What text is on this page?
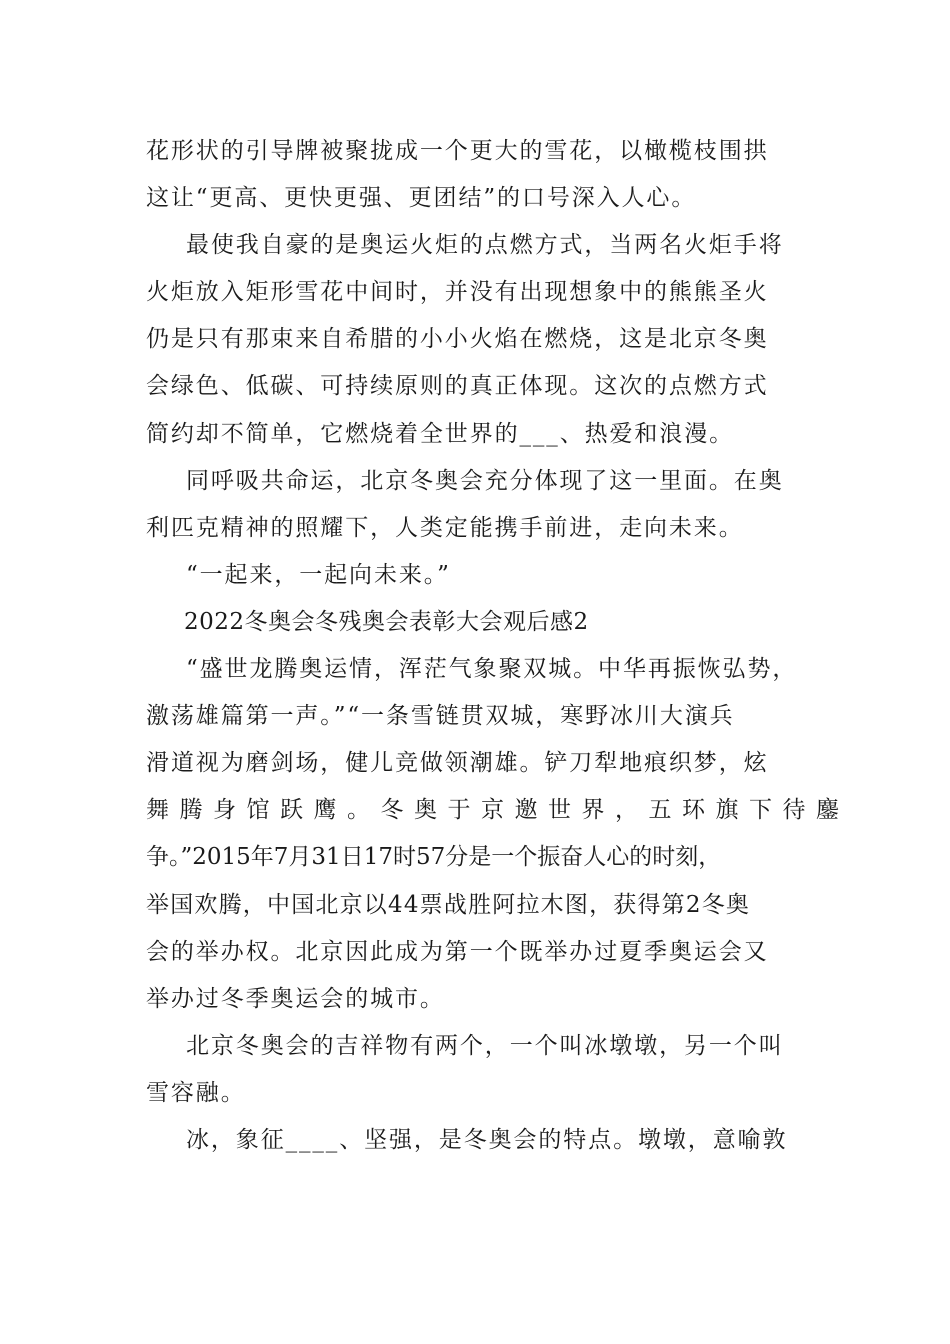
花形状的引导牌被聚拢成一个更大的雪花，以橄榄枝围拱
这让“更高、更快更强、更团结”的口号深入人心。
最使我自豪的是奥运火炬的点燃方式，当两名火炬手将
火炬放入矩形雪花中间时，并没有出现想象中的熊熊圣火
仍是只有那束来自希腊的小小火焰在燃烧，这是北京冬奥
会绿色、低碳、可持续原则的真正体现。这次的点燃方式
简约却不简单，它燃烧着全世界的___、热爱和浪漫。
同呼吸共命运，北京冬奥会充分体现了这一里面。在奥
利匹克精神的照耀下，人类定能携手前进，走向未来。
“一起来，一起向未来。”
2022冬奥会冬残奥会表彰大会观后感2
“盛世龙腾奥运情，浑茫气象聚双城。中华再振恢弘势，
激荡雄篇第一声。”“一条雪链贯双城，寒野冰川大演兵
滑道视为磨剑场，健儿竞做领潮雄。铲刀犁地痕织梦，炫
舞腾身馆跃鹰。冬奥于京邀世界，五环旗下待鏖
争。”2015年7月31日17时57分是一个振奋人心的时刻，
举国欢腾，中国北京以44票战胜阿拉木图，获得第2冬奥
会的举办权。北京因此成为第一个既举办过夏季奥运会又
举办过冬季奥运会的城市。
北京冬奥会的吉祥物有两个，一个叫冰墩墩，另一个叫
雪容融。
冰，象征____、坚强，是冬奥会的特点。墩墩，意喻敦
